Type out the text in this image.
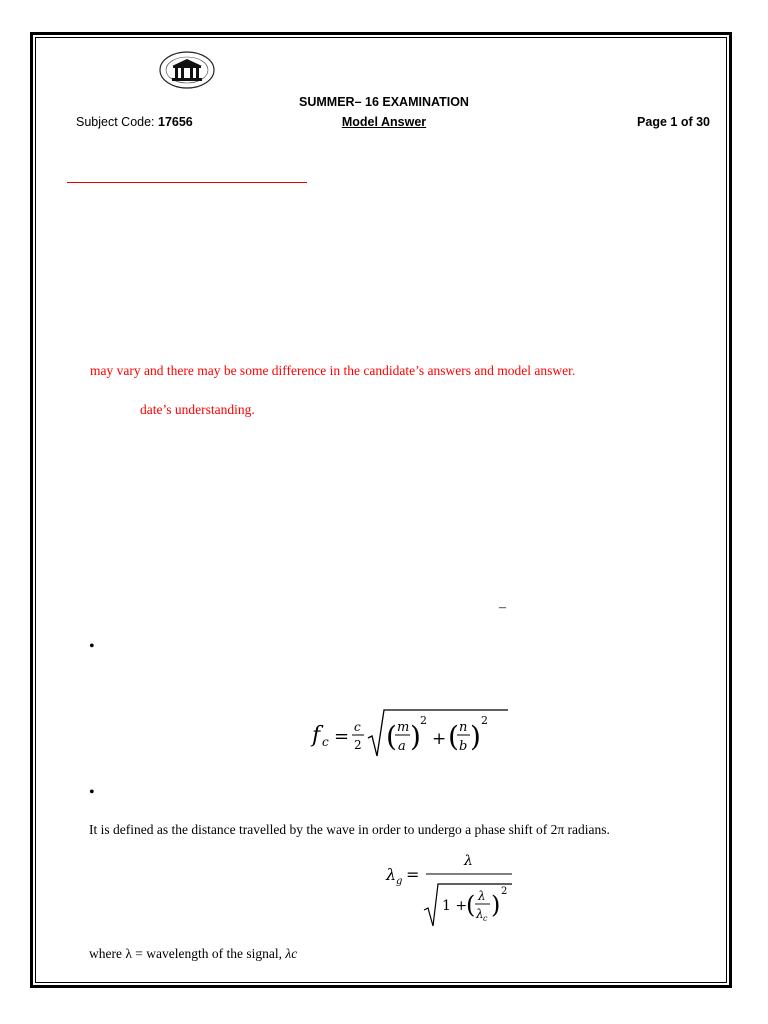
SUMMER– 16 EXAMINATION
Subject Code: 17656	Model Answer	Page 1 of 30
may vary and there may be some difference in the candidate’s answers and model answer.
date’s understanding.
–
•
f c = c
2 ( m
a ) 2
+ ( n
b ) 2
•
It is defined as the distance travelled by the wave in order to undergo a phase shift of 2π radians.
λ g =
λ
1 +
( λ
λ c ) 2
where λ = wavelength of the signal, λc
